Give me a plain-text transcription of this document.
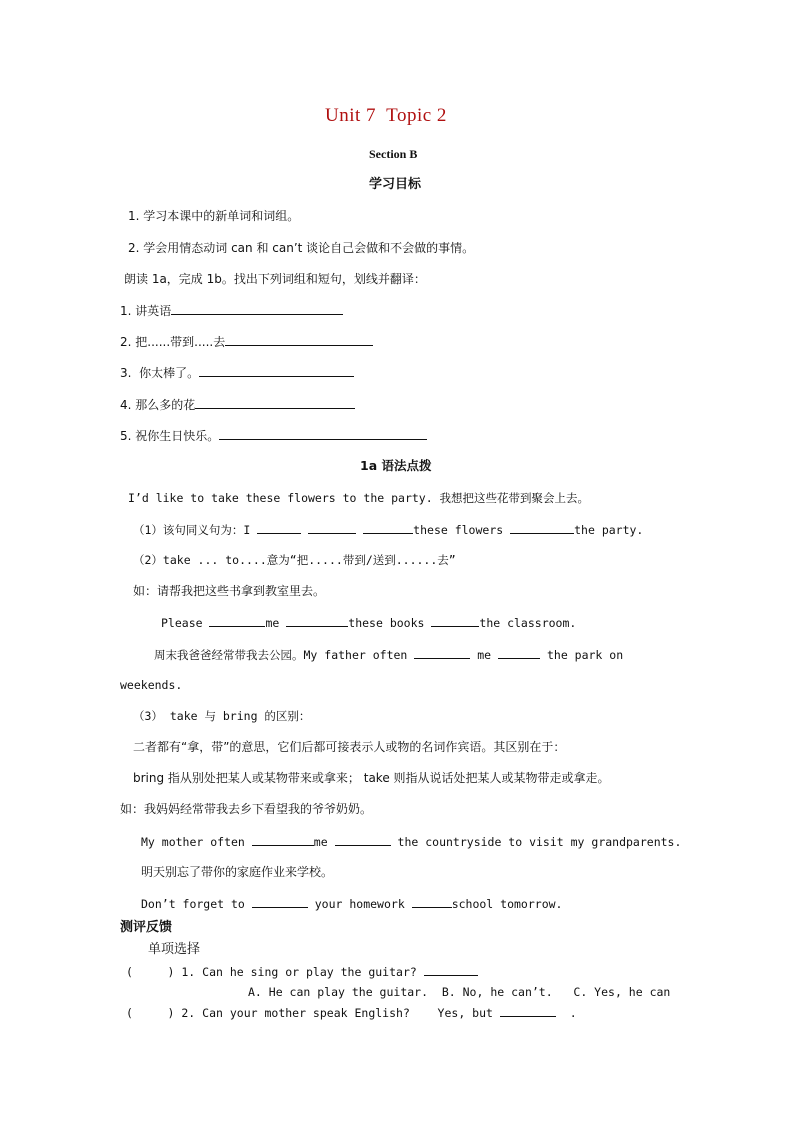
Unit 7  Topic 2
Section B
学习目标
1. 学习本课中的新单词和词组。
2. 学会用情态动词 can 和 can’t 谈论自己会做和不会做的事情。
朗读 1a，完成 1b。找出下列词组和短句，划线并翻译：
1. 讲英语
2. 把......带到.....去
3.  你太棒了。
4. 那么多的花
5. 祝你生日快乐。
1a 语法点拨
I’d like to take these flowers to the party. 我想把这些花带到聚会上去。
（1）该句同义句为：I	these flowers	the party.
（2）take ... to....意为“把.....带到/送到......去”
如：请帮我把这些书拿到教室里去。
Please	me	these books	the classroom.
周末我爸爸经常带我去公园。My father often	me	the park on
weekends.
（3） take 与 bring 的区别：
二者都有“拿，带”的意思，它们后都可接表示人或物的名词作宾语。其区别在于：
bring 指从别处把某人或某物带来或拿来； take 则指从说话处把某人或某物带走或拿走。
如：我妈妈经常带我去乡下看望我的爷爷奶奶。
My mother often	me	the countryside to visit my grandparents.
明天别忘了带你的家庭作业来学校。
Don’t forget to	your homework	school tomorrow.
测评反馈
单项选择
(     ) 1. Can he sing or play the guitar?
A. He can play the guitar.  B. No, he can’t.   C. Yes, he can
(     ) 2. Can your mother speak English?    Yes, but	.
